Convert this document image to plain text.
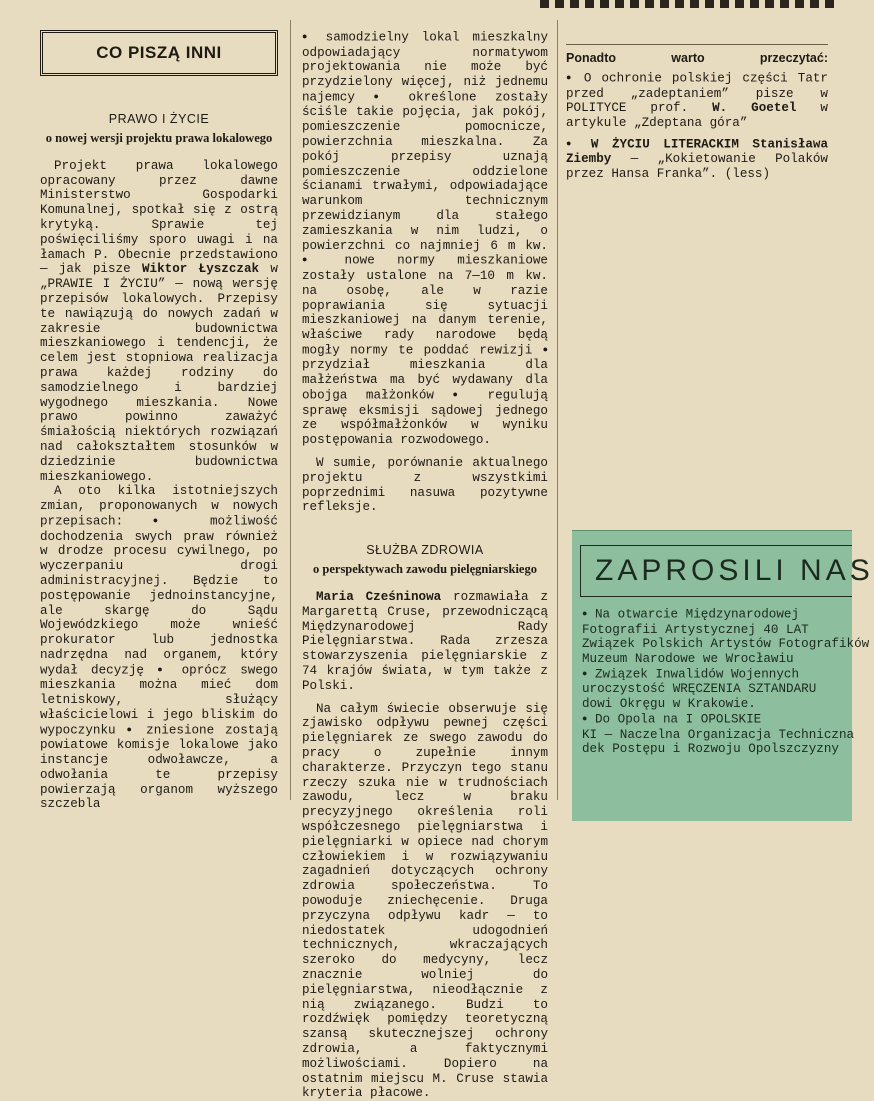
CO PISZĄ INNI
PRAWO I ŻYCIE
o nowej wersji projektu prawa lokalowego

Projekt prawa lokalowego opracowany przez dawne Ministerstwo Gospodarki Komunalnej, spotkał się z ostrą krytyką. Sprawie tej poświęciliśmy sporo uwagi i na łamach P. Obecnie przedstawiono — jak pisze Wiktor Łyszczak w „PRAWIE I ŻYCIU” — nową wersję przepisów lokalowych. Przepisy te nawiązują do nowych zadań w zakresie budownictwa mieszkaniowego i tendencji, że celem jest stopniowa realizacja prawa każdej rodziny do samodzielnego i bardziej wygodnego mieszkania. Nowe prawo powinno zaważyć śmiałością niektórych rozwiązań nad całokształtem stosunków w dziedzinie budownictwa mieszkaniowego.

A oto kilka istotniejszych zmian, proponowanych w nowych przepisach: ● możliwość dochodzenia swych praw również w drodze procesu cywilnego, po wyczerpaniu drogi administracyjnej. Będzie to postępowanie jednoinstancyjne, ale skargę do Sądu Wojewódzkiego może wnieść prokurator lub jednostka nadrzędna nad organem, który wydał decyzję ● oprócz swego mieszkania można mieć dom letniskowy, służący właścicielowi i jego bliskim do wypoczynku ● zniesione zostają powiatowe komisje lokalowe jako instancje odwoławcze, a odwołania te przepisy powierzają organom wyższego szczebla

● samodzielny lokal mieszkalny odpowiadający normatywom projektowania nie może być przydzielony więcej, niż jednemu najemcy ● określone zostały ściśle takie pojęcia, jak pokój, pomieszczenie pomocnicze, powierzchnia mieszkalna. Za pokój przepisy uznają pomieszczenie oddzielone ścianami trwałymi, odpowiadające warunkom technicznym przewidzianym dla stałego zamieszkania w nim ludzi, o powierzchni co najmniej 6 m kw. ● nowe normy mieszkaniowe zostały ustalone na 7—10 m kw. na osobę, ale w razie poprawiania się sytuacji mieszkaniowej na danym terenie, właściwe rady narodowe będą mogły normy te poddać rewizji ● przydział mieszkania dla małżeństwa ma być wydawany dla obojga małżonków ● regulują sprawę eksmisji sądowej jednego ze współmałżonków w wyniku postępowania rozwodowego.

W sumie, porównanie aktualnego projektu z wszystkimi poprzednimi nasuwa pozytywne refleksje.

SŁUŻBA ZDROWIA
o perspektywach zawodu pielęgniarskiego

Maria Cześninowa rozmawiała z Margarettą Cruse, przewodniczącą Międzynarodowej Rady Pielęgniarstwa. Rada zrzesza stowarzyszenia pielęgniarskie z 74 krajów świata, w tym także z Polski.

Na całym świecie obserwuje się zjawisko odpływu pewnej części pielęgniarek ze swego zawodu do pracy o zupełnie innym charakterze. Przyczyn tego stanu rzeczy szuka nie w trudnościach zawodu, lecz w braku precyzyjnego określenia roli współczesnego pielęgniarstwa i pielęgniarki w opiece nad chorym człowiekiem i w rozwiązywaniu zagadnień dotyczących ochrony zdrowia społeczeństwa. To powoduje zniechęcenie. Druga przyczyna odpływu kadr — to niedostatek udogodnień technicznych, wkraczających szeroko do medycyny, lecz znacznie wolniej do pielęgniarstwa, nieodłącznie z nią związanego. Budzi to rozdźwięk pomiędzy teoretyczną szansą skutecznejszej ochrony zdrowia, a faktycznymi możliwościami. Dopiero na ostatnim miejscu M. Cruse stawia kryteria płacowe.

Ponadto	warto	przeczytać:

● O ochronie polskiej części Tatr przed „zadeptaniem” pisze w POLITYCE prof. W. Goetel w artykule „Zdeptana góra”

● W ŻYCIU LITERACKIM Stanisława Ziemby — „Kokietowanie Polaków przez Hansa Franka”. (less)

ZAPROSILI NAS
● Na otwarcie Międzynarodowej
Fotografii Artystycznej 40 LAT
Związek Polskich Artystów Fotografików
Muzeum Narodowe we Wrocławiu
● Związek Inwalidów Wojennych
uroczystość WRĘCZENIA SZTANDARU
dowi Okręgu w Krakowie.
● Do Opola na I OPOLSKIE
KI — Naczelna Organizacja Techniczna
dek Postępu i Rozwoju Opolszczyzny
